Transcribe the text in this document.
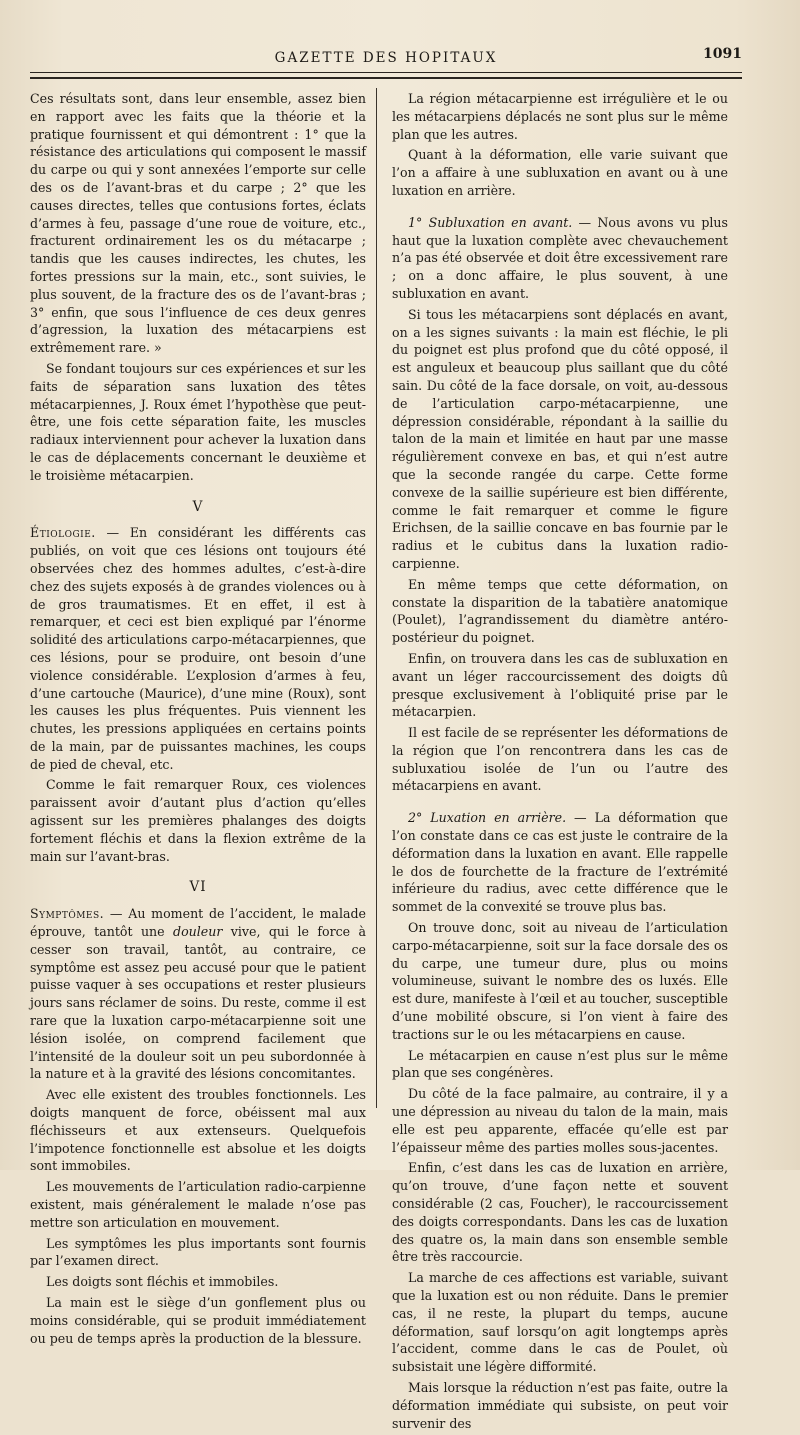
GAZETTE DES HOPITAUX	1091

Ces résultats sont, dans leur ensemble, assez bien en rapport avec les faits que la théorie et la pratique fournissent et qui démontrent : 1° que la résistance des articulations qui composent le massif du carpe ou qui y sont annexées l’emporte sur celle des os de l’avant-bras et du carpe ; 2° que les causes directes, telles que contusions fortes, éclats d’armes à feu, passage d’une roue de voiture, etc., fracturent ordinairement les os du métacarpe ; tandis que les causes indirectes, les chutes, les fortes pressions sur la main, etc., sont suivies, le plus souvent, de la fracture des os de l’avant-bras ; 3° enfin, que sous l’influence de ces deux genres d’agression, la luxation des métacarpiens est extrêmement rare. »

Se fondant toujours sur ces expériences et sur les faits de séparation sans luxation des têtes métacarpiennes, J. Roux émet l’hypothèse que peut-être, une fois cette séparation faite, les muscles radiaux interviennent pour achever la luxation dans le cas de déplacements concernant le deuxième et le troisième métacarpien.

V

Étiologie. — En considérant les différents cas publiés, on voit que ces lésions ont toujours été observées chez des hommes adultes, c’est-à-dire chez des sujets exposés à de grandes violences ou à de gros traumatismes. Et en effet, il est à remarquer, et ceci est bien expliqué par l’énorme solidité des articulations carpo-métacarpiennes, que ces lésions, pour se produire, ont besoin d’une violence considérable. L’explosion d’armes à feu, d’une cartouche (Maurice), d’une mine (Roux), sont les causes les plus fréquentes. Puis viennent les chutes, les pressions appliquées en certains points de la main, par de puissantes machines, les coups de pied de cheval, etc.

Comme le fait remarquer Roux, ces violences paraissent avoir d’autant plus d’action qu’elles agissent sur les premières phalanges des doigts fortement fléchis et dans la flexion extrême de la main sur l’avant-bras.

VI

Symptômes. — Au moment de l’accident, le malade éprouve, tantôt une douleur vive, qui le force à cesser son travail, tantôt, au contraire, ce symptôme est assez peu accusé pour que le patient puisse vaquer à ses occupations et rester plusieurs jours sans réclamer de soins. Du reste, comme il est rare que la luxation carpo-métacarpienne soit une lésion isolée, on comprend facilement que l’intensité de la douleur soit un peu subordonnée à la nature et à la gravité des lésions concomitantes.

Avec elle existent des troubles fonctionnels. Les doigts manquent de force, obéissent mal aux fléchisseurs et aux extenseurs. Quelquefois l’impotence fonctionnelle est absolue et les doigts sont immobiles.

Les mouvements de l’articulation radio-carpienne existent, mais généralement le malade n’ose pas mettre son articulation en mouvement.

Les symptômes les plus importants sont fournis par l’examen direct.

Les doigts sont fléchis et immobiles.

La main est le siège d’un gonflement plus ou moins considérable, qui se produit immédiatement ou peu de temps après la production de la blessure.

La région métacarpienne est irrégulière et le ou les métacarpiens déplacés ne sont plus sur le même plan que les autres.

Quant à la déformation, elle varie suivant que l’on a affaire à une subluxation en avant ou à une luxation en arrière.

1° Subluxation en avant. — Nous avons vu plus haut que la luxation complète avec chevauchement n’a pas été observée et doit être excessivement rare ; on a donc affaire, le plus souvent, à une subluxation en avant.

Si tous les métacarpiens sont déplacés en avant, on a les signes suivants : la main est fléchie, le pli du poignet est plus profond que du côté opposé, il est anguleux et beaucoup plus saillant que du côté sain. Du côté de la face dorsale, on voit, au-dessous de l’articulation carpo-métacarpienne, une dépression considérable, répondant à la saillie du talon de la main et limitée en haut par une masse régulièrement convexe en bas, et qui n’est autre que la seconde rangée du carpe. Cette forme convexe de la saillie supérieure est bien différente, comme le fait remarquer et comme le figure Erichsen, de la saillie concave en bas fournie par le radius et le cubitus dans la luxation radio-carpienne.

En même temps que cette déformation, on constate la disparition de la tabatière anatomique (Poulet), l’agrandissement du diamètre antéro-postérieur du poignet.

Enfin, on trouvera dans les cas de subluxation en avant un léger raccourcissement des doigts dû presque exclusivement à l’obliquité prise par le métacarpien.

Il est facile de se représenter les déformations de la région que l’on rencontrera dans les cas de subluxatiou isolée de l’un ou l’autre des métacarpiens en avant.

2° Luxation en arrière. — La déformation que l’on constate dans ce cas est juste le contraire de la déformation dans la luxation en avant. Elle rappelle le dos de fourchette de la fracture de l’extrémité inférieure du radius, avec cette différence que le sommet de la convexité se trouve plus bas.

On trouve donc, soit au niveau de l’articulation carpo-métacarpienne, soit sur la face dorsale des os du carpe, une tumeur dure, plus ou moins volumineuse, suivant le nombre des os luxés. Elle est dure, manifeste à l’œil et au toucher, susceptible d’une mobilité obscure, si l’on vient à faire des tractions sur le ou les métacarpiens en cause.

Le métacarpien en cause n’est plus sur le même plan que ses congénères.

Du côté de la face palmaire, au contraire, il y a une dépression au niveau du talon de la main, mais elle est peu apparente, effacée qu’elle est par l’épaisseur même des parties molles sous-jacentes.

Enfin, c’est dans les cas de luxation en arrière, qu’on trouve, d’une façon nette et souvent considérable (2 cas, Foucher), le raccourcissement des doigts correspondants. Dans les cas de luxation des quatre os, la main dans son ensemble semble être très raccourcie.

La marche de ces affections est variable, suivant que la luxation est ou non réduite. Dans le premier cas, il ne reste, la plupart du temps, aucune déformation, sauf lorsqu’on agit longtemps après l’accident, comme dans le cas de Poulet, où subsistait une légère difformité.

Mais lorsque la réduction n’est pas faite, outre la déformation immédiate qui subsiste, on peut voir survenir des
